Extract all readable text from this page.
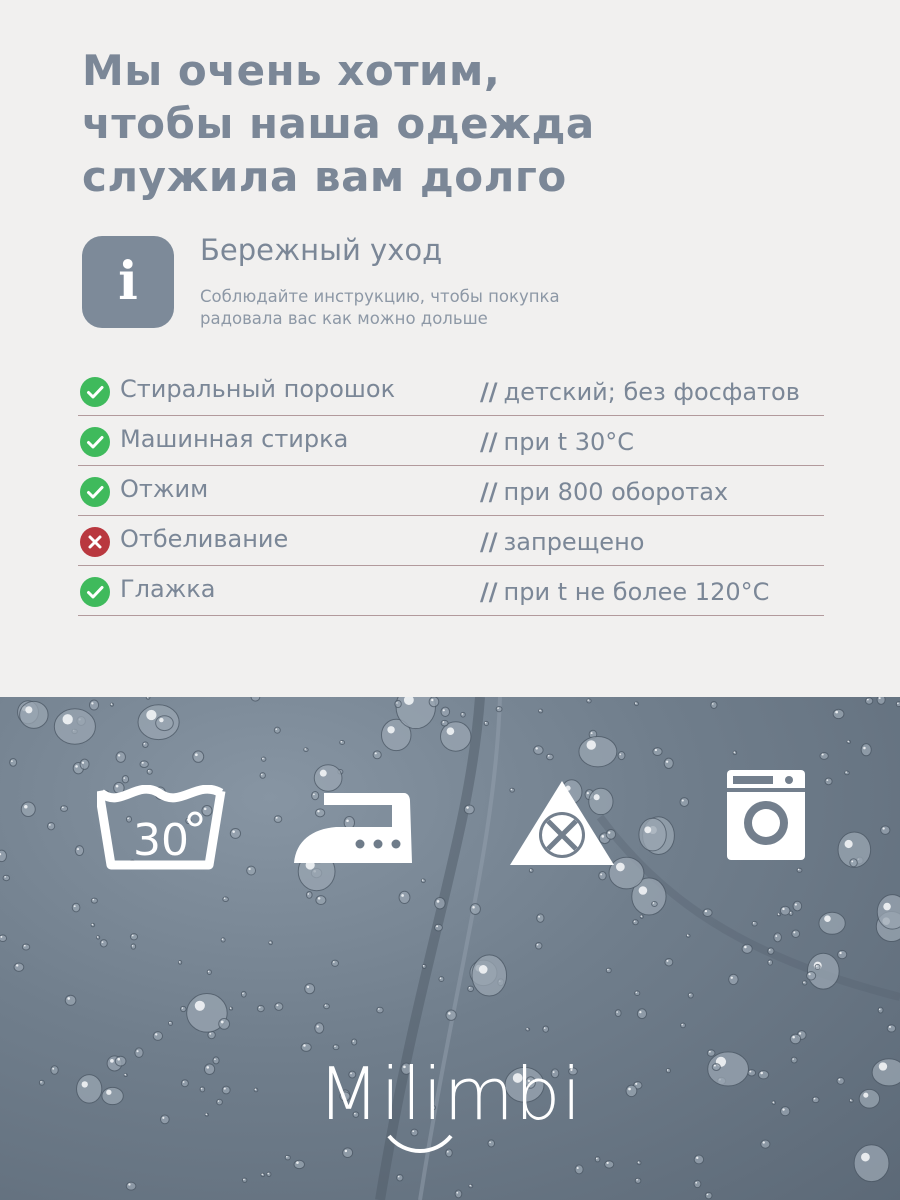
Мы очень хотим,
чтобы наша одежда
служила вам долго
i
Бережный уход
Соблюдайте инструкцию, чтобы покупка
радовала вас как можно дольше
Стиральный порошок	// детский; без фосфатов
Машинная стирка	// при t 30°С
Отжим	// при 800 оборотах
Отбеливание	// запрещено
Глажка	// при t не более 120°С
30
Milimbi
